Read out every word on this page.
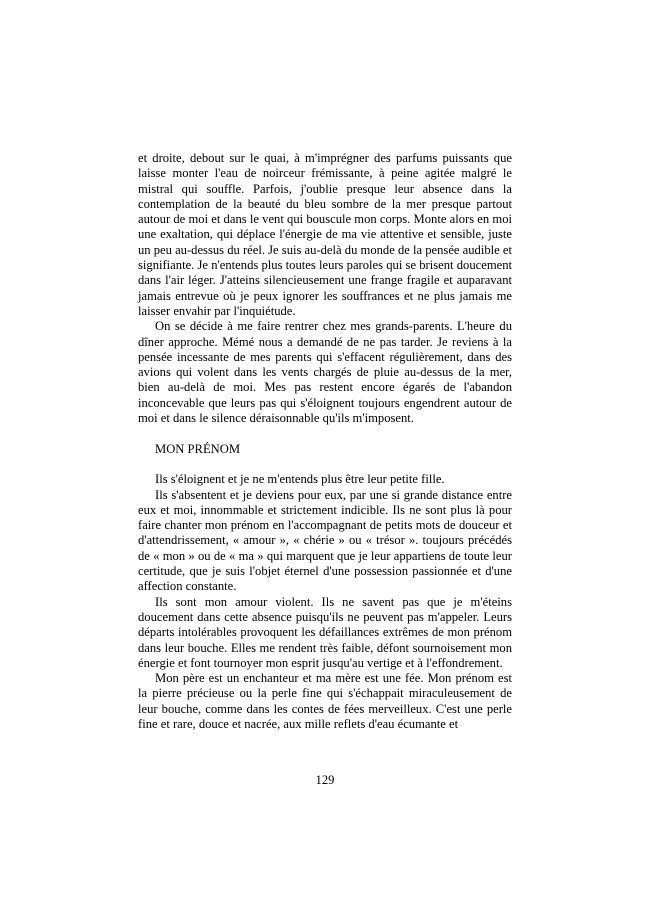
et droite, debout sur le quai, à m'imprégner des parfums puissants que laisse monter l'eau de noirceur frémissante, à peine agitée malgré le mistral qui souffle. Parfois, j'oublie presque leur absence dans la contemplation de la beauté du bleu sombre de la mer presque partout autour de moi et dans le vent qui bouscule mon corps. Monte alors en moi une exaltation, qui déplace l'énergie de ma vie attentive et sensible, juste un peu au-dessus du réel. Je suis au-delà du monde de la pensée audible et signifiante. Je n'entends plus toutes leurs paroles qui se brisent doucement dans l'air léger. J'atteins silencieusement une frange fragile et auparavant jamais entrevue où je peux ignorer les souffrances et ne plus jamais me laisser envahir par l'inquiétude.

On se décide à me faire rentrer chez mes grands-parents. L'heure du dîner approche. Mémé nous a demandé de ne pas tarder. Je reviens à la pensée incessante de mes parents qui s'effacent régulièrement, dans des avions qui volent dans les vents chargés de pluie au-dessus de la mer, bien au-delà de moi. Mes pas restent encore égarés de l'abandon inconcevable que leurs pas qui s'éloignent toujours engendrent autour de moi et dans le silence déraisonnable qu'ils m'imposent.

MON PRÉNOM

Ils s'éloignent et je ne m'entends plus être leur petite fille.

Ils s'absentent et je deviens pour eux, par une si grande distance entre eux et moi, innommable et strictement indicible. Ils ne sont plus là pour faire chanter mon prénom en l'accompagnant de petits mots de douceur et d'attendrissement, « amour », « chérie » ou « trésor ». toujours précédés de « mon » ou de « ma » qui marquent que je leur appartiens de toute leur certitude, que je suis l'objet éternel d'une possession passionnée et d'une affection constante.

Ils sont mon amour violent. Ils ne savent pas que je m'éteins doucement dans cette absence puisqu'ils ne peuvent pas m'appeler. Leurs départs intolérables provoquent les défaillances extrêmes de mon prénom dans leur bouche. Elles me rendent très faible, défont sournoisement mon énergie et font tournoyer mon esprit jusqu'au vertige et à l'effondrement.

Mon père est un enchanteur et ma mère est une fée. Mon prénom est la pierre précieuse ou la perle fine qui s'échappait miraculeusement de leur bouche, comme dans les contes de fées merveilleux. C'est une perle fine et rare, douce et nacrée, aux mille reflets d'eau écumante et

129
